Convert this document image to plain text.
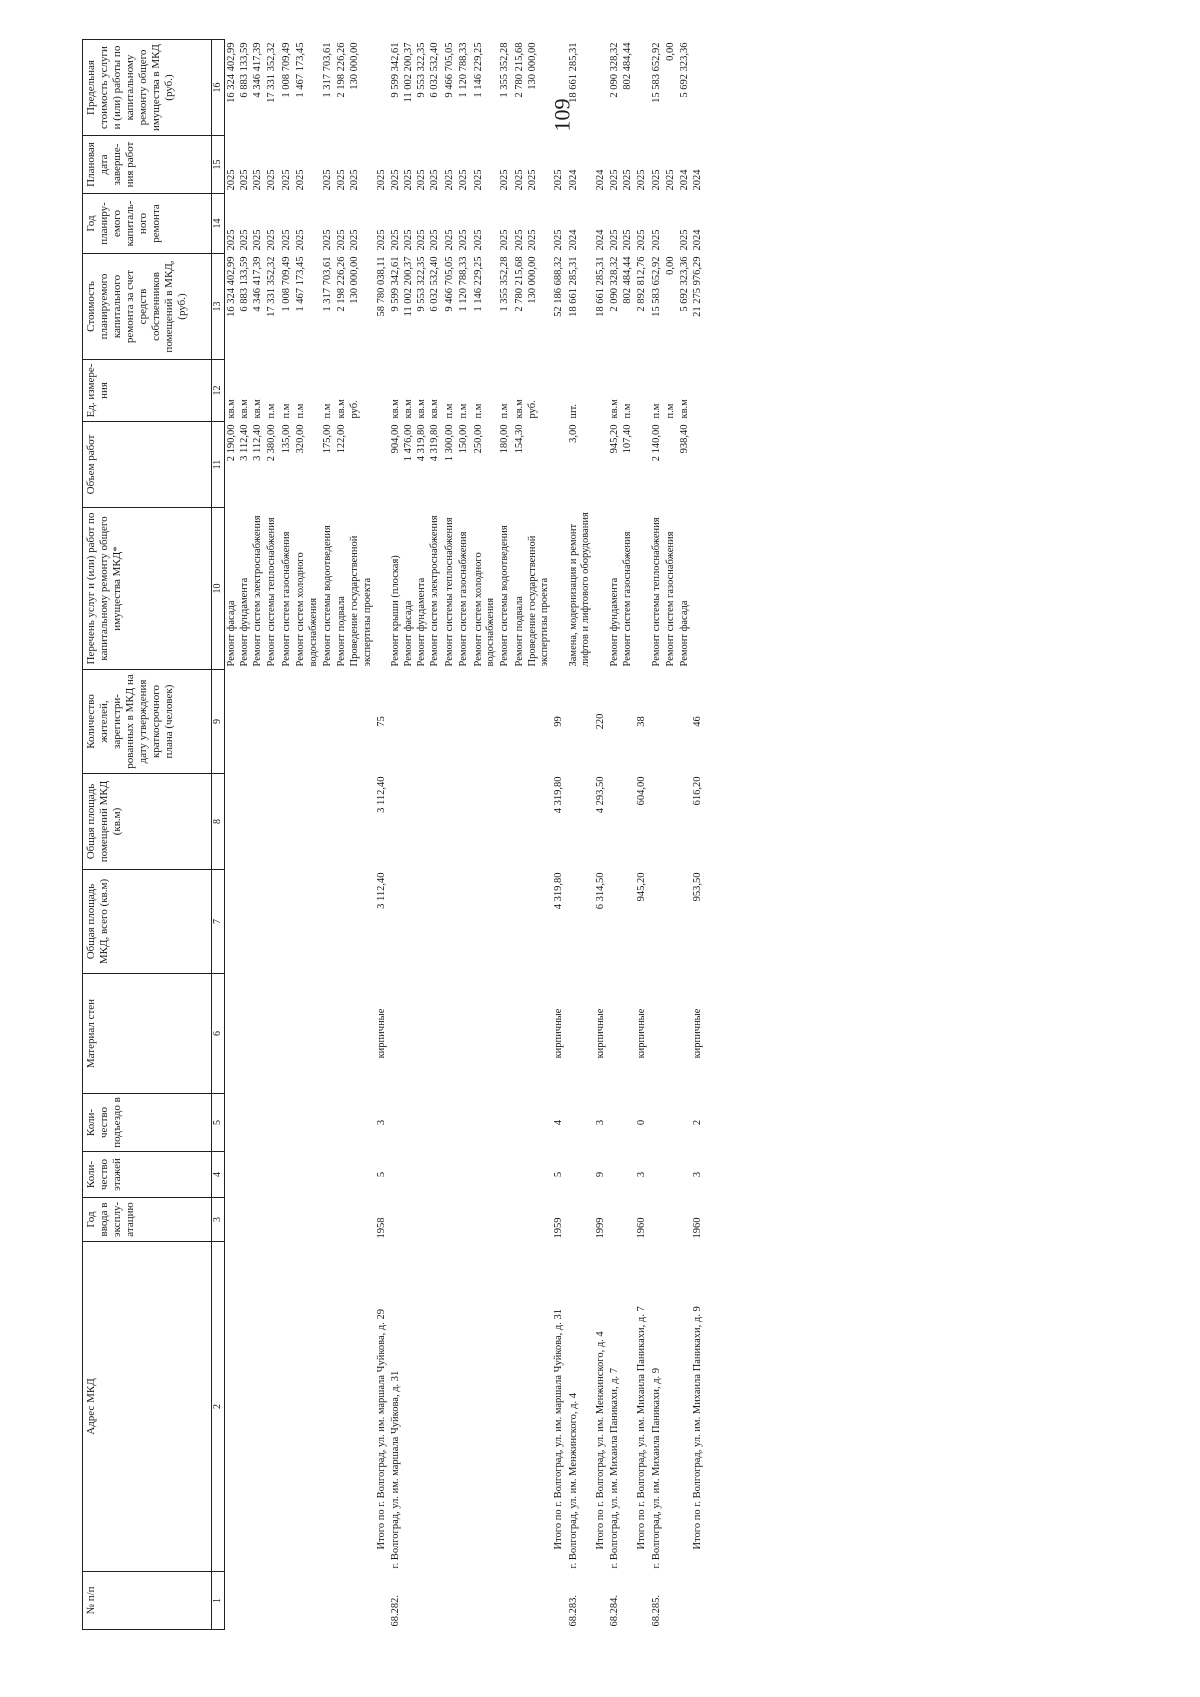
109
№ п/п	Адрес МКД	Год ввода в эксплу-атацию	Коли-чество этажей	Коли-чество подъездо в	Материал стен	Общая площадь МКД, всего (кв.м)	Общая площадь помещений МКД (кв.м)	Количество жителей, зарегистри-рованных в МКД на дату утверждения краткосрочного плана (человек)	Перечень услуг и (или) работ по капитальному ремонту общего имущества МКД*	Объем работ	Ед. измере-ния	Стоимость планируемого капитального ремонта за счет средств собственников помещений в МКД, (руб.)	Год планиру-емого капиталь-ного ремонта	Плановая дата заверше-ния работ	Предельная стоимость услуги и (или) работы по капитальному ремонту общего имущества в МКД (руб.)
1	2	3	4	5	6	7	8	9	10	11	12	13	14	15	16
									Ремонт фасада	2 190,00	кв.м	16 324 402,99	2025	2025	16 324 402,99
									Ремонт фундамента	3 112,40	кв.м	6 883 133,59	2025	2025	6 883 133,59
									Ремонт систем электроснабжения	3 112,40	кв.м	4 346 417,39	2025	2025	4 346 417,39
									Ремонт системы теплоснабжения	2 380,00	п.м	17 331 352,32	2025	2025	17 331 352,32
									Ремонт систем газоснабжения	135,00	п.м	1 008 709,49	2025	2025	1 008 709,49
									Ремонт систем холодного водоснабжения	320,00	п.м	1 467 173,45	2025	2025	1 467 173,45
									Ремонт системы водоотведения	175,00	п.м	1 317 703,61	2025	2025	1 317 703,61
									Ремонт подвала	122,00	кв.м	2 198 226,26	2025	2025	2 198 226,26
									Проведение государственной экспертизы проекта		руб.	130 000,00	2025	2025	130 000,00
	Итого по г. Волгоград, ул. им. маршала Чуйкова, д. 29	1958	5	3	кирпичные	3 112,40	3 112,40	75				58 780 038,11	2025	2025	
68.282.	г. Волгоград, ул. им. маршала Чуйкова, д. 31								Ремонт крыши (плоская)	904,00	кв.м	9 599 342,61	2025	2025	9 599 342,61
									Ремонт фасада	1 476,00	кв.м	11 002 200,37	2025	2025	11 002 200,37
									Ремонт фундамента	4 319,80	кв.м	9 553 322,35	2025	2025	9 553 322,35
									Ремонт систем электроснабжения	4 319,80	кв.м	6 032 532,40	2025	2025	6 032 532,40
									Ремонт системы теплоснабжения	1 300,00	п.м	9 466 705,05	2025	2025	9 466 705,05
									Ремонт систем газоснабжения	150,00	п.м	1 120 788,33	2025	2025	1 120 788,33
									Ремонт систем холодного водоснабжения	250,00	п.м	1 146 229,25	2025	2025	1 146 229,25
									Ремонт системы водоотведения	180,00	п.м	1 355 352,28	2025	2025	1 355 352,28
									Ремонт подвала	154,30	кв.м	2 780 215,68	2025	2025	2 780 215,68
									Проведение государственной экспертизы проекта		руб.	130 000,00	2025	2025	130 000,00
	Итого по г. Волгоград, ул. им. маршала Чуйкова, д. 31	1959	5	4	кирпичные	4 319,80	4 319,80	99				52 186 688,32	2025	2025	
68.283.	г. Волгоград, ул. им. Менжинского, д. 4								Замена, модернизация и ремонт лифтов и лифтового оборудования	3,00	шт.	18 661 285,31	2024	2024	18 661 285,31
	Итого по г. Волгоград, ул. им. Менжинского, д. 4	1999	9	3	кирпичные	6 314,50	4 293,50	220				18 661 285,31	2024	2024	
68.284.	г. Волгоград, ул. им. Михаила Паникахи, д. 7								Ремонт фундамента	945,20	кв.м	2 090 328,32	2025	2025	2 090 328,32
									Ремонт систем газоснабжения	107,40	п.м	802 484,44	2025	2025	802 484,44
	Итого по г. Волгоград, ул. им. Михаила Паникахи, д. 7	1960	3	0	кирпичные	945,20	604,00	38				2 892 812,76	2025	2025	
68.285.	г. Волгоград, ул. им. Михаила Паникахи, д. 9								Ремонт системы теплоснабжения	2 140,00	п.м	15 583 652,92	2025	2025	15 583 652,92
									Ремонт систем газоснабжения		п.м	0,00		2025	0,00
									Ремонт фасада	938,40	кв.м	5 692 323,36	2025	2024	5 692 323,36
	Итого по г. Волгоград, ул. им. Михаила Паникахи, д. 9	1960	3	2	кирпичные	953,50	616,20	46				21 275 976,29	2024	2024	
